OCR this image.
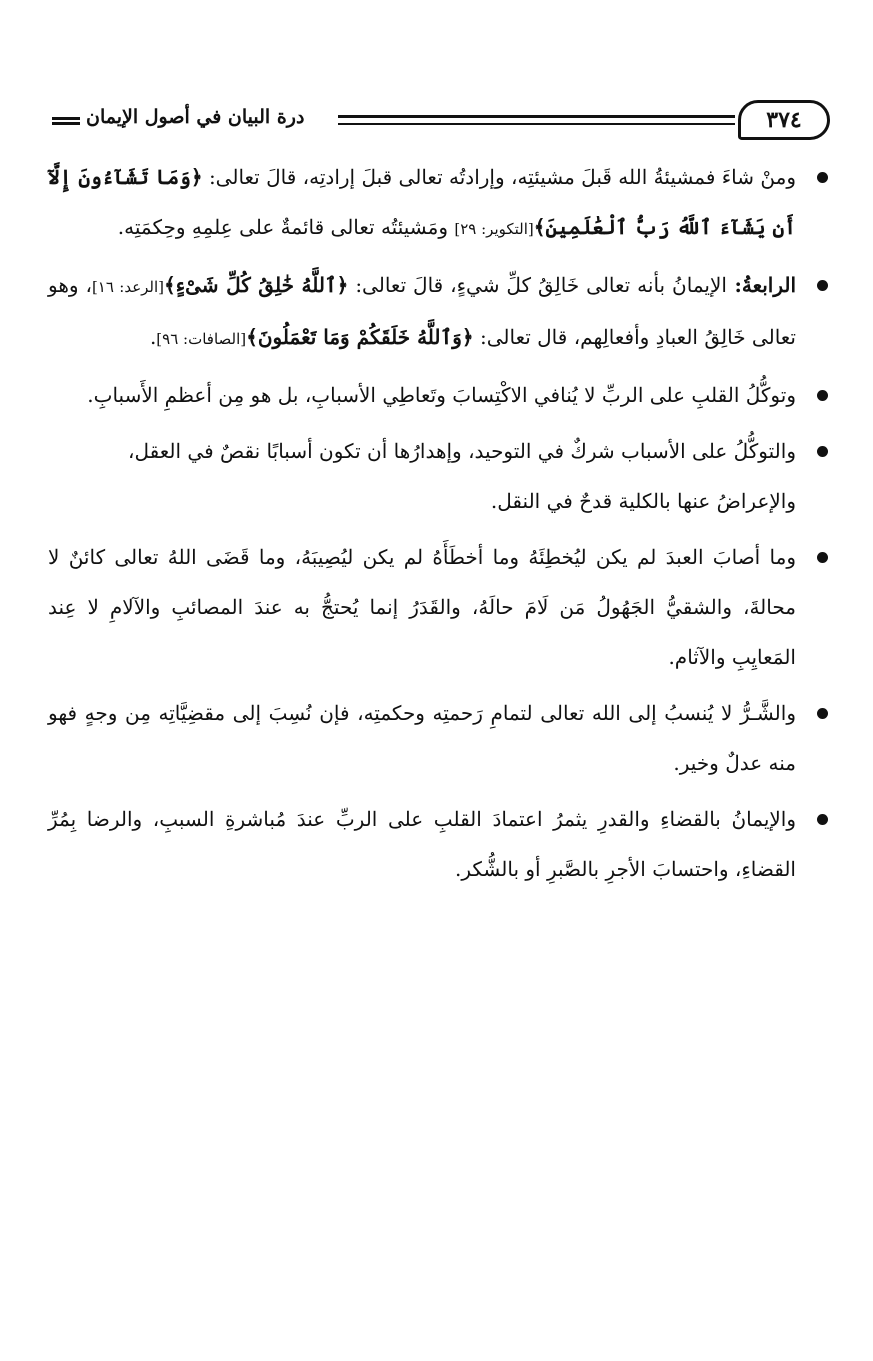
درة البيان في أصول الإيمان	٣٧٤

ومنْ شاءَ فمشيئةُ الله قَبلَ مشيئتِه، وإرادتُه تعالى قبلَ إرادتِه، قالَ تعالى: ﴿وَمَا تَشَآءُونَ إِلَّآ أَن يَشَآءَ ٱللَّهُ رَبُّ ٱلْعَٰلَمِينَ﴾[التكوير: ٢٩] ومَشيئتُه تعالى قائمةٌ على عِلمِهِ وحِكمَتِه.

الرابعةُ: الإيمانُ بأنه تعالى خَالِقُ كلِّ شيءٍ، قالَ تعالى: ﴿ٱللَّهُ خَٰلِقُ كُلِّ شَىْءٍ﴾[الرعد: ١٦]، وهو تعالى خَالِقُ العبادِ وأفعالِهم، قال تعالى: ﴿وَٱللَّهُ خَلَقَكُمْ وَمَا تَعْمَلُونَ﴾[الصافات: ٩٦].

وتوكُّلُ القلبِ على الربِّ لا يُنافي الاكْتِسابَ وتَعاطِي الأسبابِ، بل هو مِن أعظمِ الأَسبابِ.

والتوكُّلُ على الأسباب شركٌ في التوحيد، وإهدارُها أن تكون أسبابًا نقصٌ في العقل،

والإعراضُ عنها بالكلية قدحٌ في النقل.

وما أصابَ العبدَ لم يكن ليُخطِئَهُ وما أخطَأَهُ لم يكن ليُصِيبَهُ، وما قَضَى اللهُ تعالى كائنٌ لا محالةَ، والشقيُّ الجَهُولُ مَن لَامَ حالَهُ، والقَدَرُ إنما يُحتجُّ به عندَ المصائبِ والآلامِ لا عِند المَعايِبِ والآثام.

والشَّـرُّ لا يُنسبُ إلى الله تعالى لتمامِ رَحمتِه وحكمتِه، فإن نُسِبَ إلى مقضِيَّاتِه مِن وجهٍ فهو منه عدلٌ وخير.

والإيمانُ بالقضاءِ والقدرِ يثمرُ اعتمادَ القلبِ على الربِّ عندَ مُباشرةِ السببِ، والرضا بِمُرِّ القضاءِ، واحتسابَ الأجرِ بالصَّبرِ أو بالشُّكر.
